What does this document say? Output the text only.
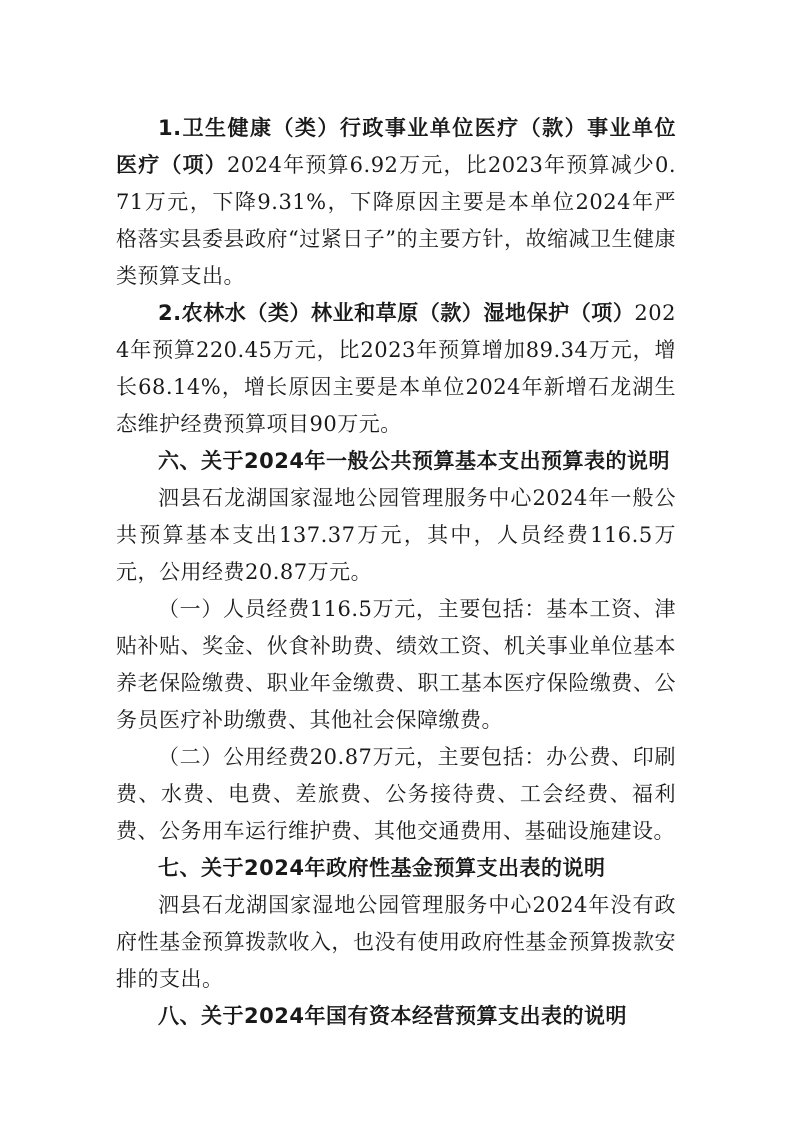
1.卫生健康（类）行政事业单位医疗（款）事业单位医疗（项）2024年预算6.92万元，比2023年预算减少0.71万元，下降9.31%，下降原因主要是本单位2024年严格落实县委县政府“过紧日子”的主要方针，故缩减卫生健康类预算支出。

2.农林水（类）林业和草原（款）湿地保护（项）2024年预算220.45万元，比2023年预算增加89.34万元，增长68.14%，增长原因主要是本单位2024年新增石龙湖生态维护经费预算项目90万元。

六、关于2024年一般公共预算基本支出预算表的说明

泗县石龙湖国家湿地公园管理服务中心2024年一般公共预算基本支出137.37万元，其中，人员经费116.5万元，公用经费20.87万元。

（一）人员经费116.5万元，主要包括：基本工资、津贴补贴、奖金、伙食补助费、绩效工资、机关事业单位基本养老保险缴费、职业年金缴费、职工基本医疗保险缴费、公务员医疗补助缴费、其他社会保障缴费。

（二）公用经费20.87万元，主要包括：办公费、印刷费、水费、电费、差旅费、公务接待费、工会经费、福利费、公务用车运行维护费、其他交通费用、基础设施建设。

七、关于2024年政府性基金预算支出表的说明

泗县石龙湖国家湿地公园管理服务中心2024年没有政府性基金预算拨款收入，也没有使用政府性基金预算拨款安排的支出。

八、关于2024年国有资本经营预算支出表的说明
